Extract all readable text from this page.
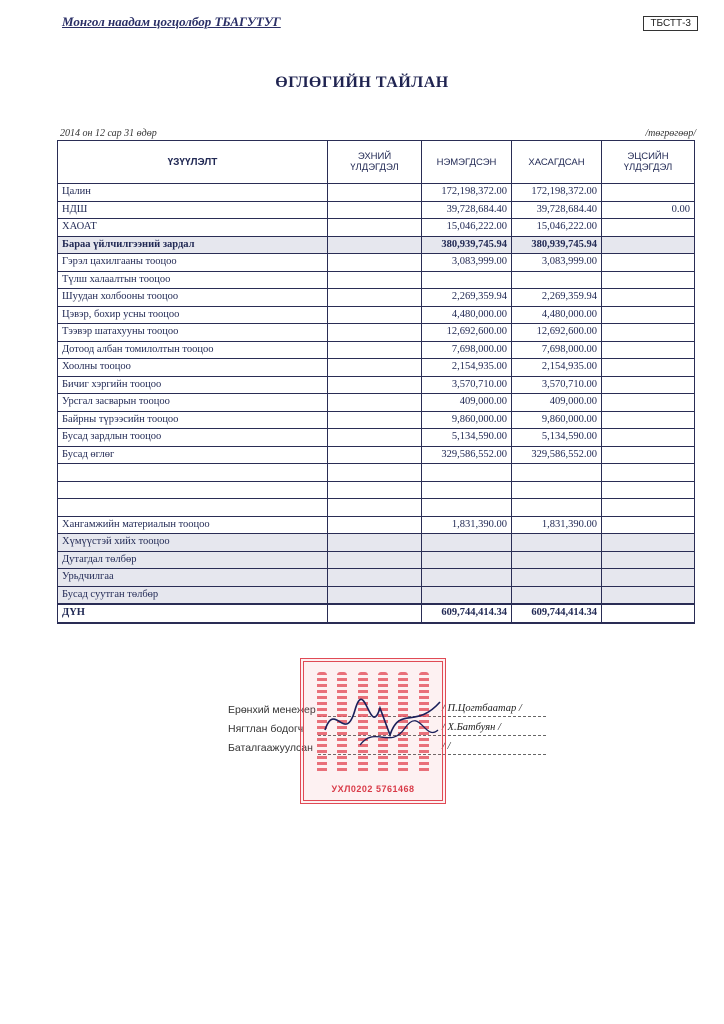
Монгол наадам цогцолбор ТБАГУТУГ	ТБСТТ-3
ӨГЛӨГИЙН ТАЙЛАН
2014 он 12 сар 31 өдөр	/төгрөгөөр/
ҮЗҮҮЛЭЛТ	ЭХНИЙ
ҮЛДЭГДЭЛ	НЭМЭГДСЭН	ХАСАГДСАН	ЭЦСИЙН
ҮЛДЭГДЭЛ
Цалин		172,198,372.00	172,198,372.00	
НДШ		39,728,684.40	39,728,684.40	0.00
ХАОАТ		15,046,222.00	15,046,222.00	
Бараа үйлчилгээний зардал		380,939,745.94	380,939,745.94	
Гэрэл цахилгааны тооцоо		3,083,999.00	3,083,999.00	
Түлш халаалтын тооцоо				
Шуудан холбооны тооцоо		2,269,359.94	2,269,359.94	
Цэвэр, бохир усны тооцоо		4,480,000.00	4,480,000.00	
Тээвэр шатахууны тооцоо		12,692,600.00	12,692,600.00	
Дотоод албан томилолтын тооцоо		7,698,000.00	7,698,000.00	
Хоолны тооцоо		2,154,935.00	2,154,935.00	
Бичиг хэргийн тооцоо		3,570,710.00	3,570,710.00	
Урсгал засварын тооцоо		409,000.00	409,000.00	
Байрны түрээсийн тооцоо		9,860,000.00	9,860,000.00	
Бусад зардлын тооцоо		5,134,590.00	5,134,590.00	
Бусад өглөг		329,586,552.00	329,586,552.00	

Хангамжийн материалын тооцоо		1,831,390.00	1,831,390.00	
Хүмүүстэй хийх тооцоо				
Дутагдал төлбөр				
Урьдчилгаа				
Бусад суутган төлбөр				
ДҮН		609,744,414.34	609,744,414.34	
Ерөнхий менежер	/ П.Цогтбаатар /
Нягтлан бодогч	/ Х.Батбуян /
Баталгаажуулсан	/ /
УХЛ0202 5761468
